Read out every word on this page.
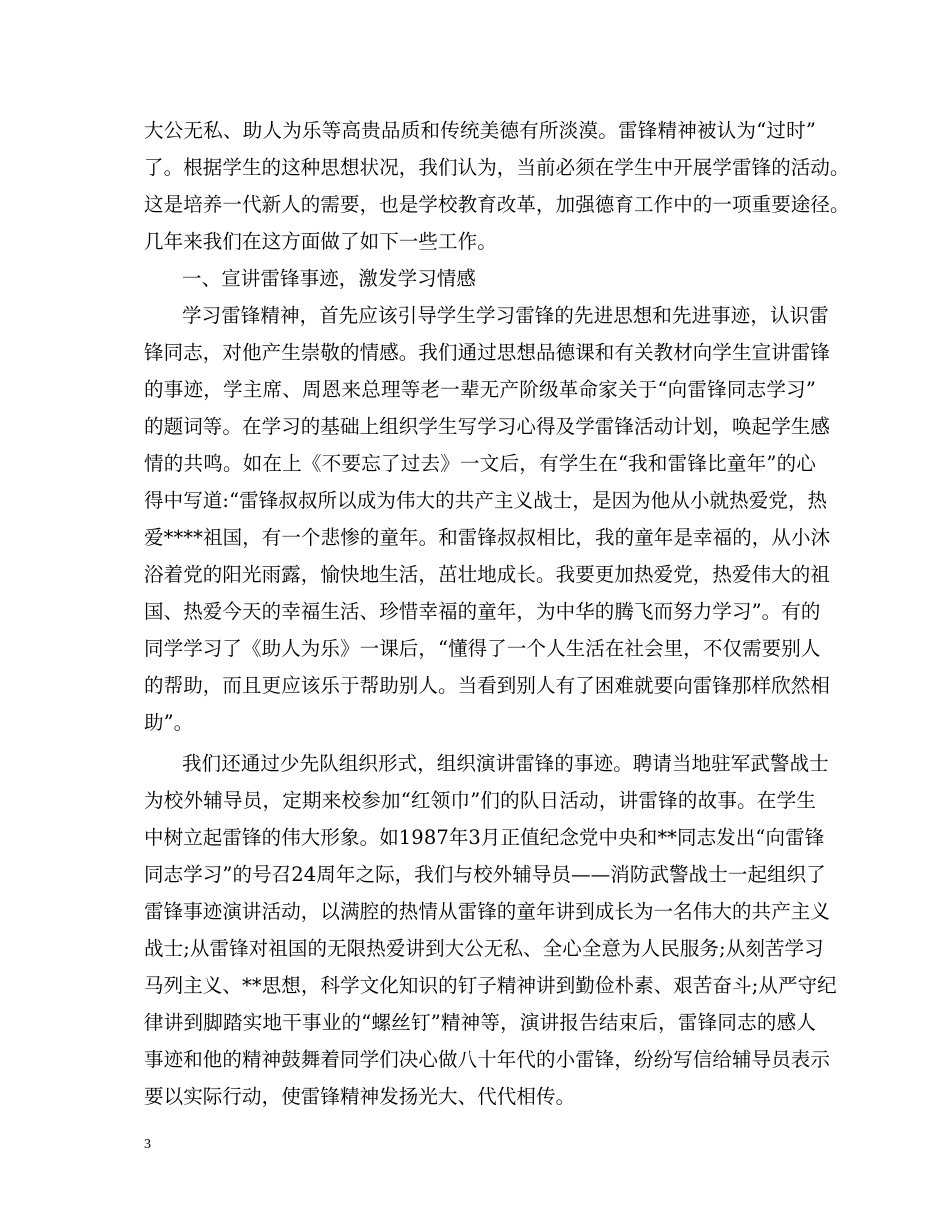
大公无私、助人为乐等高贵品质和传统美德有所淡漠。雷锋精神被认为“过时”
了。根据学生的这种思想状况，我们认为，当前必须在学生中开展学雷锋的活动。
这是培养一代新人的需要，也是学校教育改革，加强德育工作中的一项重要途径。
几年来我们在这方面做了如下一些工作。
一、宣讲雷锋事迹，激发学习情感
学习雷锋精神，首先应该引导学生学习雷锋的先进思想和先进事迹，认识雷
锋同志，对他产生崇敬的情感。我们通过思想品德课和有关教材向学生宣讲雷锋
的事迹，学主席、周恩来总理等老一辈无产阶级革命家关于“向雷锋同志学习”
的题词等。在学习的基础上组织学生写学习心得及学雷锋活动计划，唤起学生感
情的共鸣。如在上《不要忘了过去》一文后，有学生在“我和雷锋比童年”的心
得中写道:“雷锋叔叔所以成为伟大的共产主义战士，是因为他从小就热爱党，热
爱****祖国，有一个悲惨的童年。和雷锋叔叔相比，我的童年是幸福的，从小沐
浴着党的阳光雨露，愉快地生活，茁壮地成长。我要更加热爱党，热爱伟大的祖
国、热爱今天的幸福生活、珍惜幸福的童年，为中华的腾飞而努力学习”。有的
同学学习了《助人为乐》一课后，“懂得了一个人生活在社会里，不仅需要别人
的帮助，而且更应该乐于帮助别人。当看到别人有了困难就要向雷锋那样欣然相
助”。
我们还通过少先队组织形式，组织演讲雷锋的事迹。聘请当地驻军武警战士
为校外辅导员，定期来校参加“红领巾”们的队日活动，讲雷锋的故事。在学生
中树立起雷锋的伟大形象。如1987年3月正值纪念党中央和**同志发出“向雷锋
同志学习”的号召24周年之际，我们与校外辅导员——消防武警战士一起组织了
雷锋事迹演讲活动，以满腔的热情从雷锋的童年讲到成长为一名伟大的共产主义
战士;从雷锋对祖国的无限热爱讲到大公无私、全心全意为人民服务;从刻苦学习
马列主义、**思想，科学文化知识的钉子精神讲到勤俭朴素、艰苦奋斗;从严守纪
律讲到脚踏实地干事业的“螺丝钉”精神等，演讲报告结束后，雷锋同志的感人
事迹和他的精神鼓舞着同学们决心做八十年代的小雷锋，纷纷写信给辅导员表示
要以实际行动，使雷锋精神发扬光大、代代相传。
3
